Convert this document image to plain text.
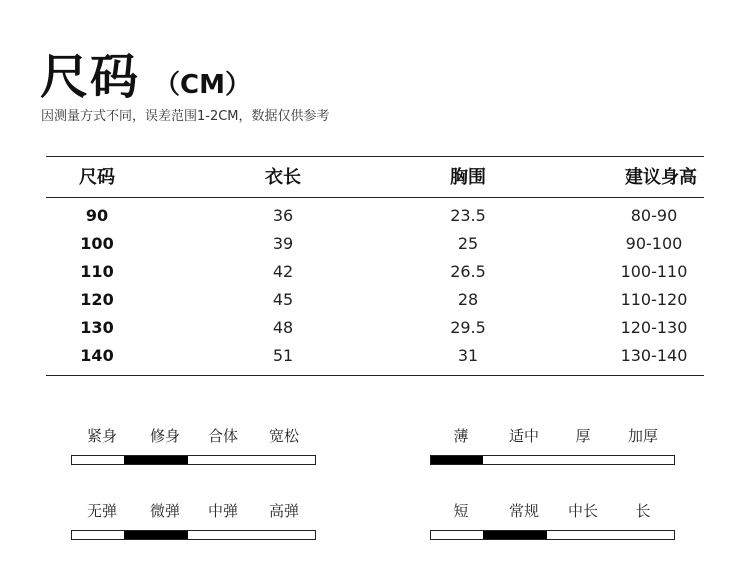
尺码 （CM）
因测量方式不同，误差范围1-2CM，数据仅供参考
尺码	衣长	胸围	建议身高
90	36	23.5	80-90
100	39	25	90-100
110	42	26.5	100-110
120	45	28	110-120
130	48	29.5	120-130
140	51	31	130-140
紧身	修身	合体	宽松	薄	适中	厚	加厚
无弹	微弹	中弹	高弹	短	常规	中长	长
